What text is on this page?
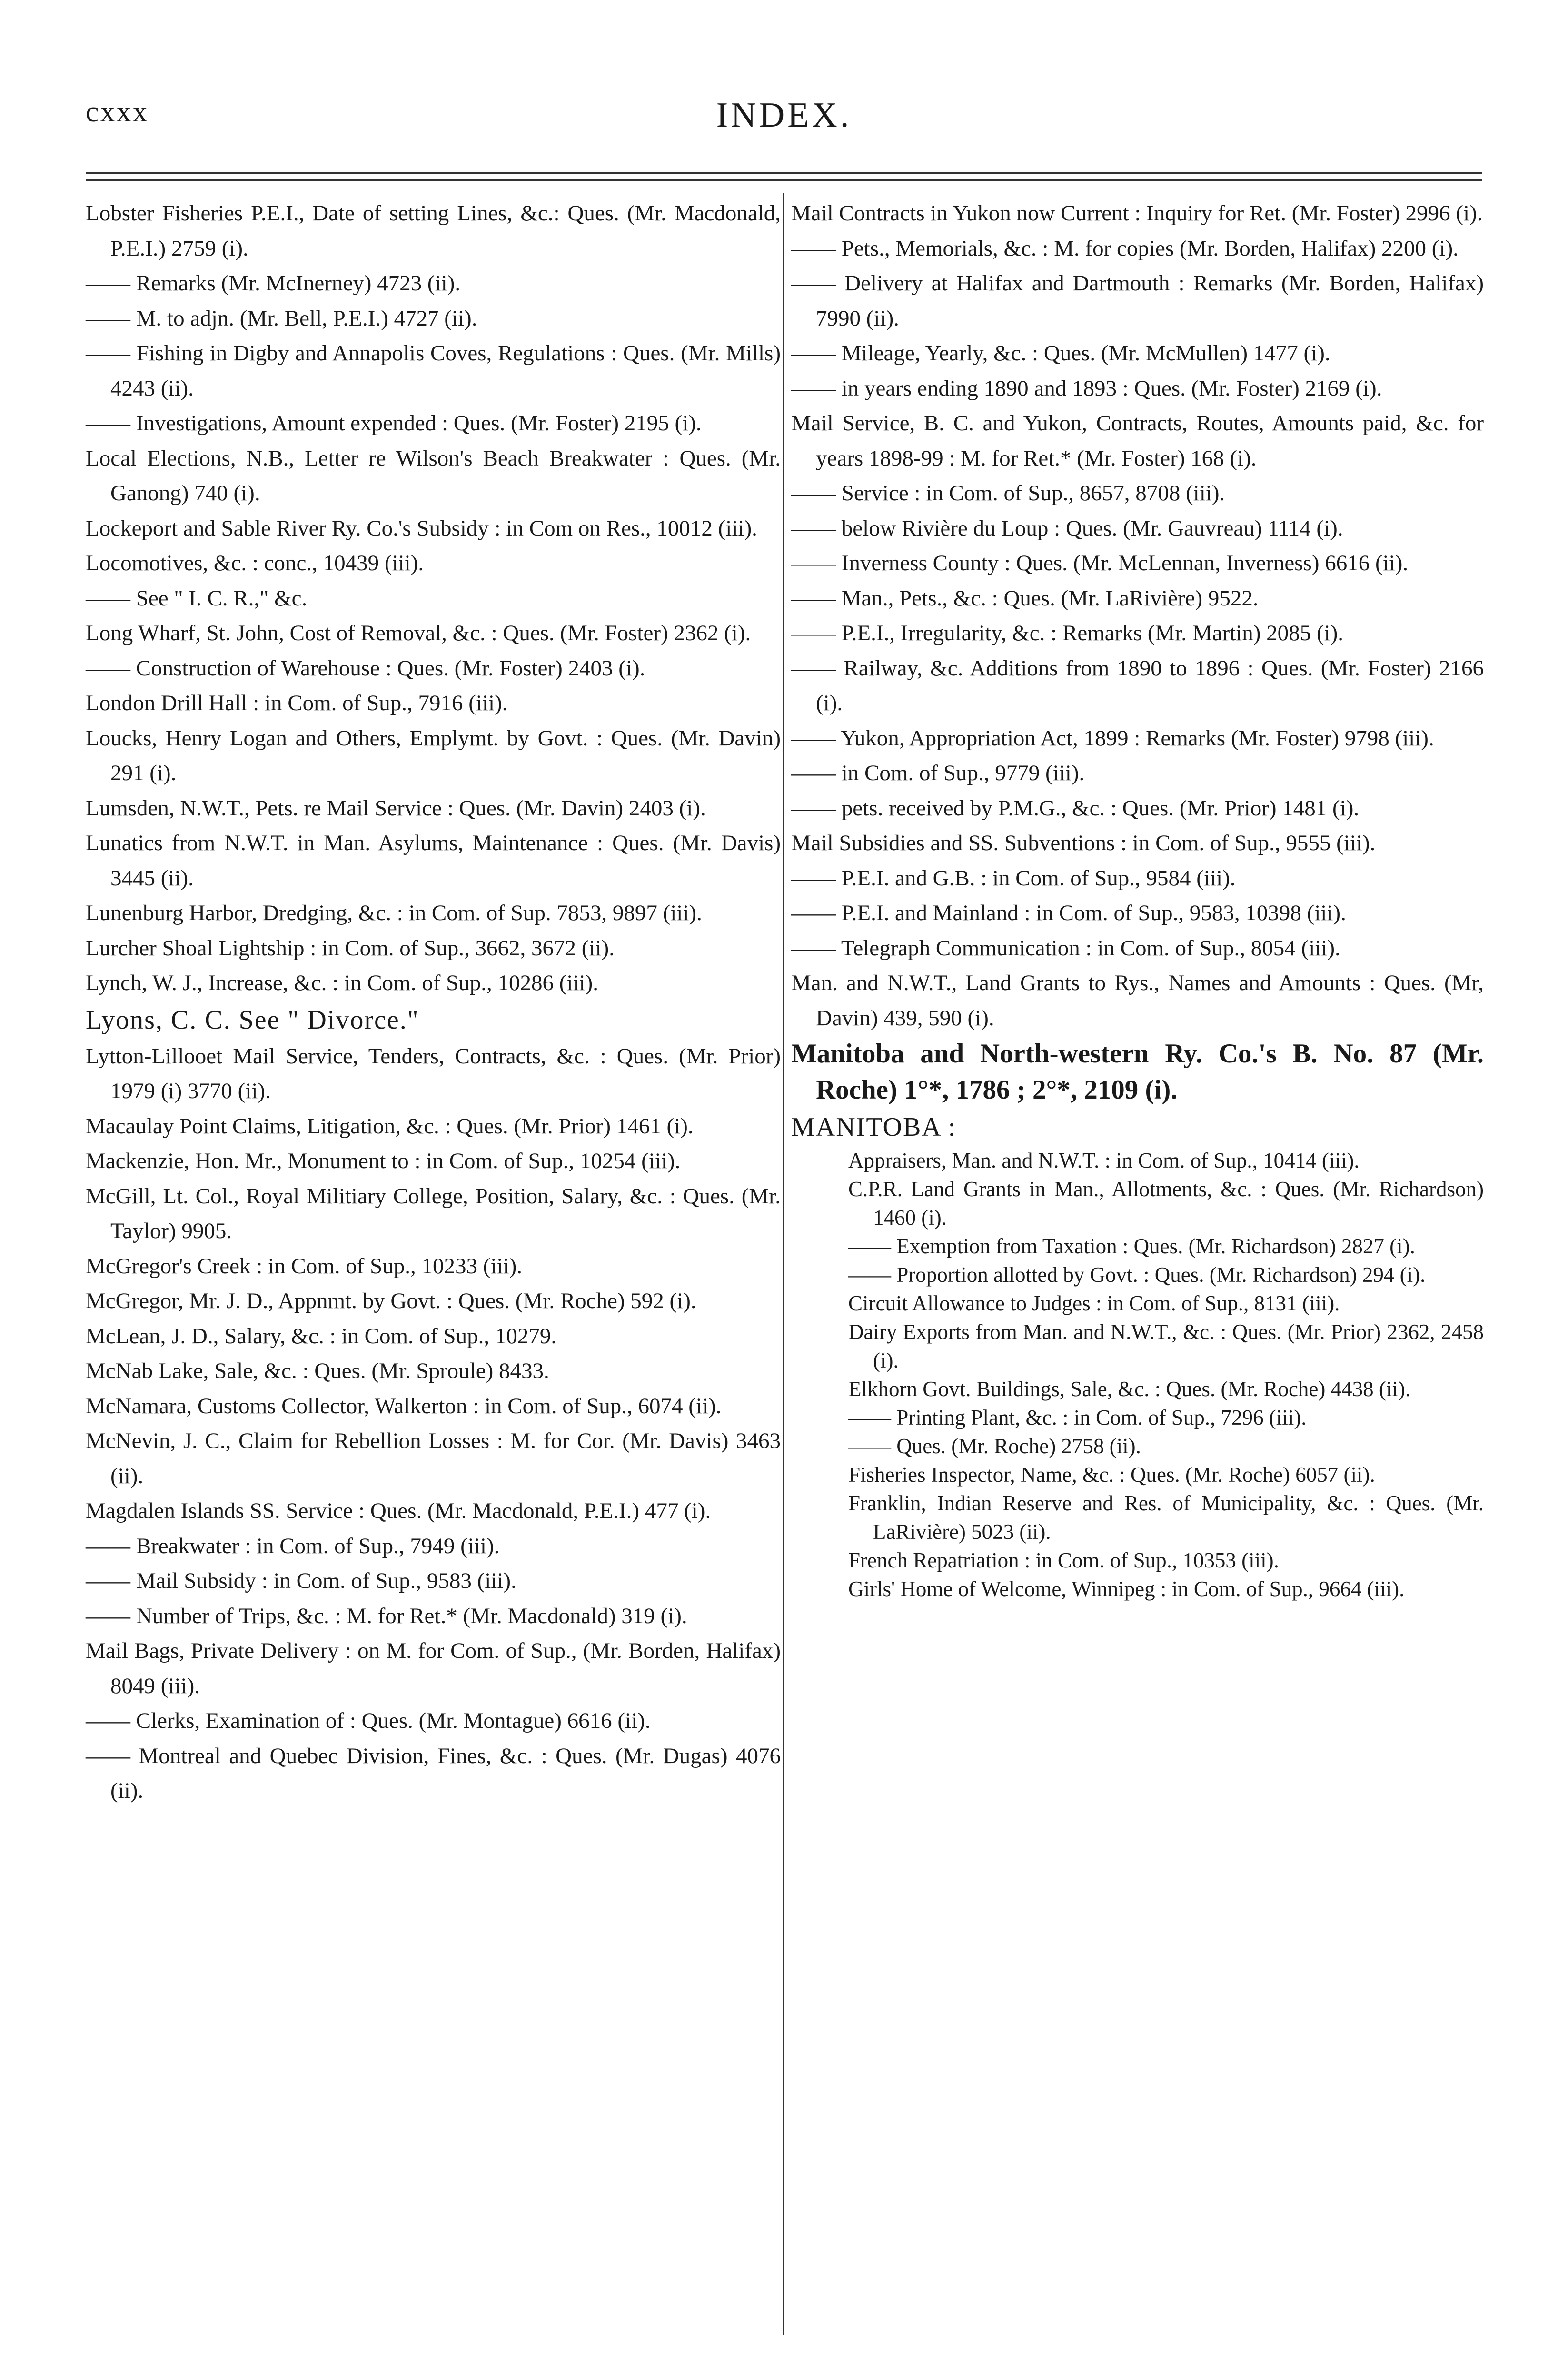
cxxx	INDEX.

Lobster Fisheries P.E.I., Date of setting Lines, &c.: Ques. (Mr. Macdonald, P.E.I.) 2759 (i).

—— Remarks (Mr. McInerney) 4723 (ii).

—— M. to adjn. (Mr. Bell, P.E.I.) 4727 (ii).

—— Fishing in Digby and Annapolis Coves, Regulations : Ques. (Mr. Mills) 4243 (ii).

—— Investigations, Amount expended : Ques. (Mr. Foster) 2195 (i).

Local Elections, N.B., Letter re Wilson's Beach Breakwater : Ques. (Mr. Ganong) 740 (i).

Lockeport and Sable River Ry. Co.'s Subsidy : in Com on Res., 10012 (iii).

Locomotives, &c. : conc., 10439 (iii).

—— See " I. C. R.," &c.

Long Wharf, St. John, Cost of Removal, &c. : Ques. (Mr. Foster) 2362 (i).

—— Construction of Warehouse : Ques. (Mr. Foster) 2403 (i).

London Drill Hall : in Com. of Sup., 7916 (iii).

Loucks, Henry Logan and Others, Emplymt. by Govt. : Ques. (Mr. Davin) 291 (i).

Lumsden, N.W.T., Pets. re Mail Service : Ques. (Mr. Davin) 2403 (i).

Lunatics from N.W.T. in Man. Asylums, Maintenance : Ques. (Mr. Davis) 3445 (ii).

Lunenburg Harbor, Dredging, &c. : in Com. of Sup. 7853, 9897 (iii).

Lurcher Shoal Lightship : in Com. of Sup., 3662, 3672 (ii).

Lynch, W. J., Increase, &c. : in Com. of Sup., 10286 (iii).

Lyons, C. C. See " Divorce."

Lytton-Lillooet Mail Service, Tenders, Contracts, &c. : Ques. (Mr. Prior) 1979 (i) 3770 (ii).

Macaulay Point Claims, Litigation, &c. : Ques. (Mr. Prior) 1461 (i).

Mackenzie, Hon. Mr., Monument to : in Com. of Sup., 10254 (iii).

McGill, Lt. Col., Royal Militiary College, Position, Salary, &c. : Ques. (Mr. Taylor) 9905.

McGregor's Creek : in Com. of Sup., 10233 (iii).

McGregor, Mr. J. D., Appnmt. by Govt. : Ques. (Mr. Roche) 592 (i).

McLean, J. D., Salary, &c. : in Com. of Sup., 10279.

McNab Lake, Sale, &c. : Ques. (Mr. Sproule) 8433.

McNamara, Customs Collector, Walkerton : in Com. of Sup., 6074 (ii).

McNevin, J. C., Claim for Rebellion Losses : M. for Cor. (Mr. Davis) 3463 (ii).

Magdalen Islands SS. Service : Ques. (Mr. Macdonald, P.E.I.) 477 (i).

—— Breakwater : in Com. of Sup., 7949 (iii).

—— Mail Subsidy : in Com. of Sup., 9583 (iii).

—— Number of Trips, &c. : M. for Ret.* (Mr. Macdonald) 319 (i).

Mail Bags, Private Delivery : on M. for Com. of Sup., (Mr. Borden, Halifax) 8049 (iii).

—— Clerks, Examination of : Ques. (Mr. Montague) 6616 (ii).

—— Montreal and Quebec Division, Fines, &c. : Ques. (Mr. Dugas) 4076 (ii).

Mail Contracts in Yukon now Current : Inquiry for Ret. (Mr. Foster) 2996 (i).

—— Pets., Memorials, &c. : M. for copies (Mr. Borden, Halifax) 2200 (i).

—— Delivery at Halifax and Dartmouth : Remarks (Mr. Borden, Halifax) 7990 (ii).

—— Mileage, Yearly, &c. : Ques. (Mr. McMullen) 1477 (i).

—— in years ending 1890 and 1893 : Ques. (Mr. Foster) 2169 (i).

Mail Service, B. C. and Yukon, Contracts, Routes, Amounts paid, &c. for years 1898-99 : M. for Ret.* (Mr. Foster) 168 (i).

—— Service : in Com. of Sup., 8657, 8708 (iii).

—— below Rivière du Loup : Ques. (Mr. Gauvreau) 1114 (i).

—— Inverness County : Ques. (Mr. McLennan, Inverness) 6616 (ii).

—— Man., Pets., &c. : Ques. (Mr. LaRivière) 9522.

—— P.E.I., Irregularity, &c. : Remarks (Mr. Martin) 2085 (i).

—— Railway, &c. Additions from 1890 to 1896 : Ques. (Mr. Foster) 2166 (i).

—— Yukon, Appropriation Act, 1899 : Remarks (Mr. Foster) 9798 (iii).

—— in Com. of Sup., 9779 (iii).

—— pets. received by P.M.G., &c. : Ques. (Mr. Prior) 1481 (i).

Mail Subsidies and SS. Subventions : in Com. of Sup., 9555 (iii).

—— P.E.I. and G.B. : in Com. of Sup., 9584 (iii).

—— P.E.I. and Mainland : in Com. of Sup., 9583, 10398 (iii).

—— Telegraph Communication : in Com. of Sup., 8054 (iii).

Man. and N.W.T., Land Grants to Rys., Names and Amounts : Ques. (Mr, Davin) 439, 590 (i).

Manitoba and North-western Ry. Co.'s B. No. 87 (Mr. Roche) 1°*, 1786 ; 2°*, 2109 (i).

MANITOBA :

Appraisers, Man. and N.W.T. : in Com. of Sup., 10414 (iii).

C.P.R. Land Grants in Man., Allotments, &c. : Ques. (Mr. Richardson) 1460 (i).

—— Exemption from Taxation : Ques. (Mr. Richardson) 2827 (i).

—— Proportion allotted by Govt. : Ques. (Mr. Richardson) 294 (i).

Circuit Allowance to Judges : in Com. of Sup., 8131 (iii).

Dairy Exports from Man. and N.W.T., &c. : Ques. (Mr. Prior) 2362, 2458 (i).

Elkhorn Govt. Buildings, Sale, &c. : Ques. (Mr. Roche) 4438 (ii).

—— Printing Plant, &c. : in Com. of Sup., 7296 (iii).

—— Ques. (Mr. Roche) 2758 (ii).

Fisheries Inspector, Name, &c. : Ques. (Mr. Roche) 6057 (ii).

Franklin, Indian Reserve and Res. of Municipality, &c. : Ques. (Mr. LaRivière) 5023 (ii).

French Repatriation : in Com. of Sup., 10353 (iii).

Girls' Home of Welcome, Winnipeg : in Com. of Sup., 9664 (iii).
